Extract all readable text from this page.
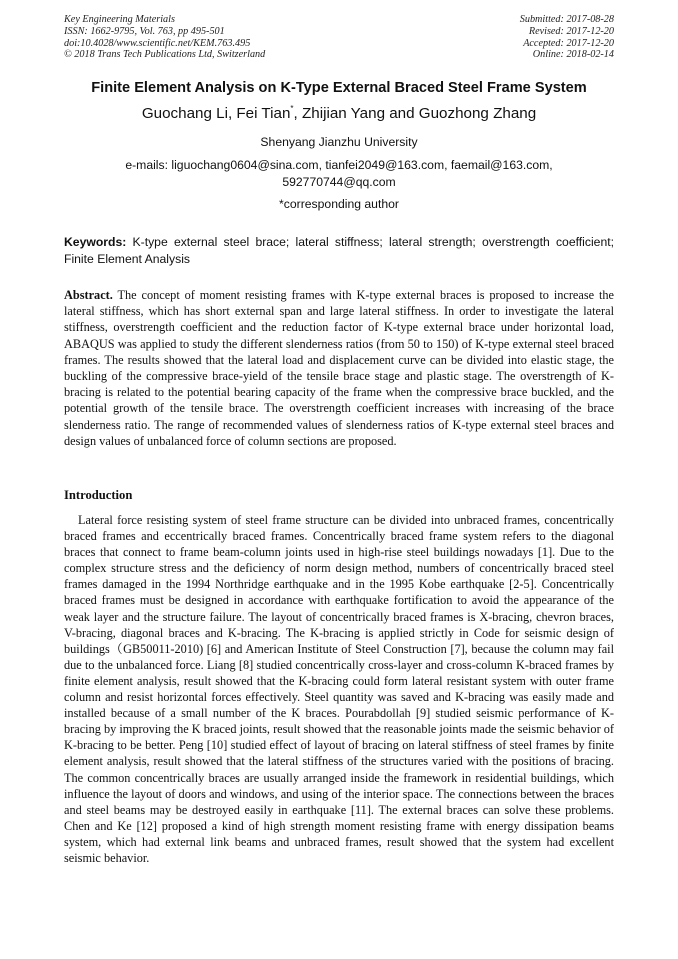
Key Engineering Materials
ISSN: 1662-9795, Vol. 763, pp 495-501
doi:10.4028/www.scientific.net/KEM.763.495
© 2018 Trans Tech Publications Ltd, Switzerland
Submitted: 2017-08-28
Revised: 2017-12-20
Accepted: 2017-12-20
Online: 2018-02-14
Finite Element Analysis on K-Type External Braced Steel Frame System
Guochang Li, Fei Tian*, Zhijian Yang and Guozhong Zhang
Shenyang Jianzhu University
e-mails: liguochang0604@sina.com, tianfei2049@163.com, faemail@163.com,
592770744@qq.com
*corresponding author
Keywords: K-type external steel brace; lateral stiffness; lateral strength; overstrength coefficient; Finite Element Analysis
Abstract. The concept of moment resisting frames with K-type external braces is proposed to increase the lateral stiffness, which has short external span and large lateral stiffness. In order to investigate the lateral stiffness, overstrength coefficient and the reduction factor of K-type external brace under horizontal load, ABAQUS was applied to study the different slenderness ratios (from 50 to 150) of K-type external steel braced frames. The results showed that the lateral load and displacement curve can be divided into elastic stage, the buckling of the compressive brace-yield of the tensile brace stage and plastic stage. The overstrength of K-bracing is related to the potential bearing capacity of the frame when the compressive brace buckled, and the potential growth of the tensile brace. The overstrength coefficient increases with increasing of the brace slenderness ratio. The range of recommended values of slenderness ratios of K-type external steel braces and design values of unbalanced force of column sections are proposed.
Introduction

Lateral force resisting system of steel frame structure can be divided into unbraced frames, concentrically braced frames and eccentrically braced frames. Concentrically braced frame system refers to the diagonal braces that connect to frame beam-column joints used in high-rise steel buildings nowadays [1]. Due to the complex structure stress and the deficiency of norm design method, numbers of concentrically braced steel frames damaged in the 1994 Northridge earthquake and in the 1995 Kobe earthquake [2-5]. Concentrically braced frames must be designed in accordance with earthquake fortification to avoid the appearance of the weak layer and the structure failure. The layout of concentrically braced frames is X-bracing, chevron braces, V-bracing, diagonal braces and K-bracing. The K-bracing is applied strictly in Code for seismic design of buildings（GB50011-2010) [6] and American Institute of Steel Construction [7], because the column may fail due to the unbalanced force. Liang [8] studied concentrically cross-layer and cross-column K-braced frames by finite element analysis, result showed that the K-bracing could form lateral resistant system with outer frame column and resist horizontal forces effectively. Steel quantity was saved and K-bracing was easily made and installed because of a small number of the K braces. Pourabdollah [9] studied seismic performance of K-bracing by improving the K braced joints, result showed that the reasonable joints made the seismic behavior of K-bracing to be better. Peng [10] studied effect of layout of bracing on lateral stiffness of steel frames by finite element analysis, result showed that the lateral stiffness of the structures varied with the positions of bracing. The common concentrically braces are usually arranged inside the framework in residential buildings, which influence the layout of doors and windows, and using of the interior space. The connections between the braces and steel beams may be destroyed easily in earthquake [11]. The external braces can solve these problems. Chen and Ke [12] proposed a kind of high strength moment resisting frame with energy dissipation beams system, which had external link beams and unbraced frames, result showed that the system had excellent seismic behavior.
